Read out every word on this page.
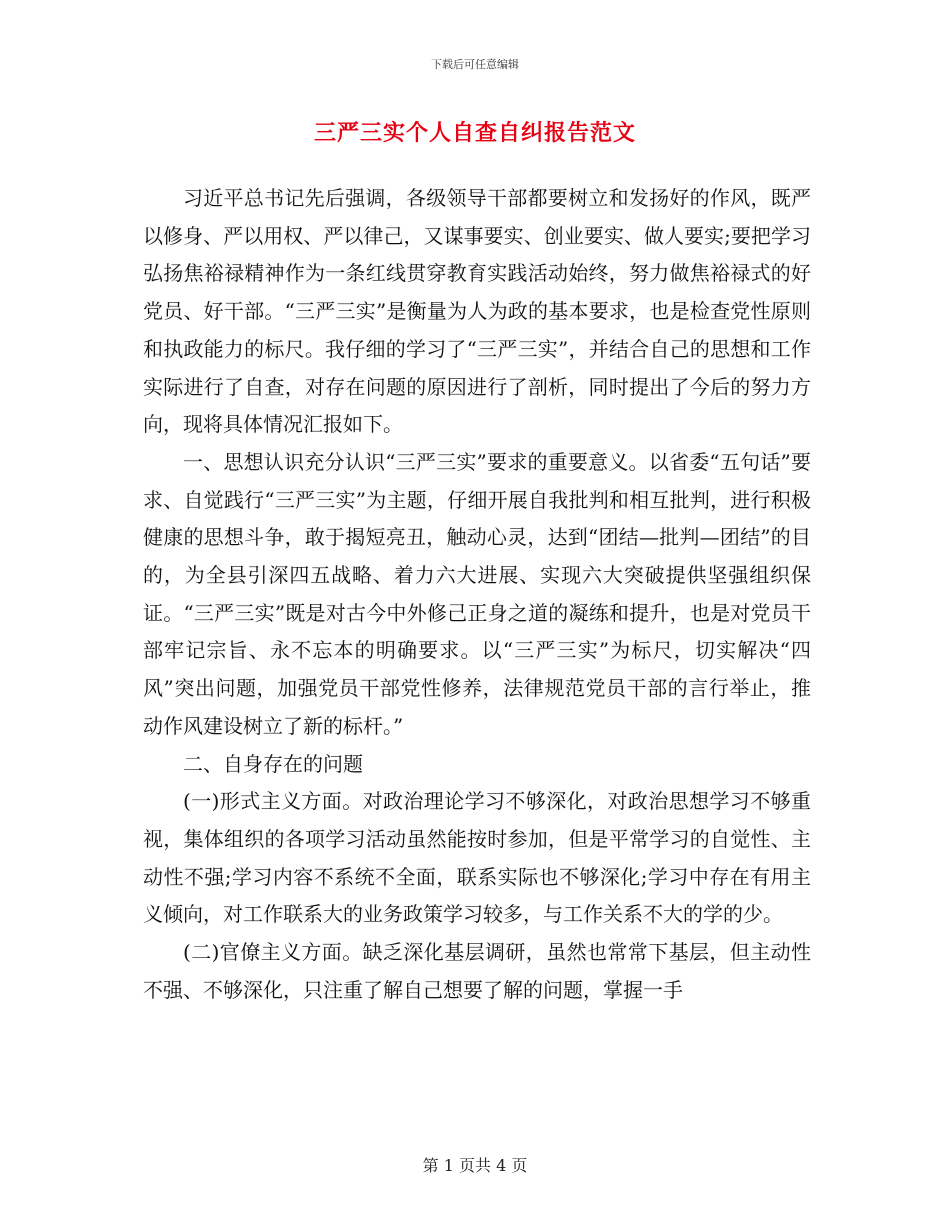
下载后可任意编辑
三严三实个人自查自纠报告范文

习近平总书记先后强调，各级领导干部都要树立和发扬好的作风，既严以修身、严以用权、严以律己，又谋事要实、创业要实、做人要实;要把学习弘扬焦裕禄精神作为一条红线贯穿教育实践活动始终，努力做焦裕禄式的好党员、好干部。“三严三实”是衡量为人为政的基本要求，也是检查党性原则和执政能力的标尺。我仔细的学习了“三严三实”，并结合自己的思想和工作实际进行了自查，对存在问题的原因进行了剖析，同时提出了今后的努力方向，现将具体情况汇报如下。

一、思想认识充分认识“三严三实”要求的重要意义。以省委“五句话”要求、自觉践行“三严三实”为主题，仔细开展自我批判和相互批判，进行积极健康的思想斗争，敢于揭短亮丑，触动心灵，达到“团结—批判—团结”的目的，为全县引深四五战略、着力六大进展、实现六大突破提供坚强组织保证。“三严三实”既是对古今中外修己正身之道的凝练和提升，也是对党员干部牢记宗旨、永不忘本的明确要求。以“三严三实”为标尺，切实解决“四风”突出问题，加强党员干部党性修养，法律规范党员干部的言行举止，推动作风建设树立了新的标杆。”

二、自身存在的问题

(一)形式主义方面。对政治理论学习不够深化，对政治思想学习不够重视，集体组织的各项学习活动虽然能按时参加，但是平常学习的自觉性、主动性不强;学习内容不系统不全面，联系实际也不够深化;学习中存在有用主义倾向，对工作联系大的业务政策学习较多，与工作关系不大的学的少。

(二)官僚主义方面。缺乏深化基层调研，虽然也常常下基层，但主动性不强、不够深化，只注重了解自己想要了解的问题，掌握一手

第 1 页共 4 页
